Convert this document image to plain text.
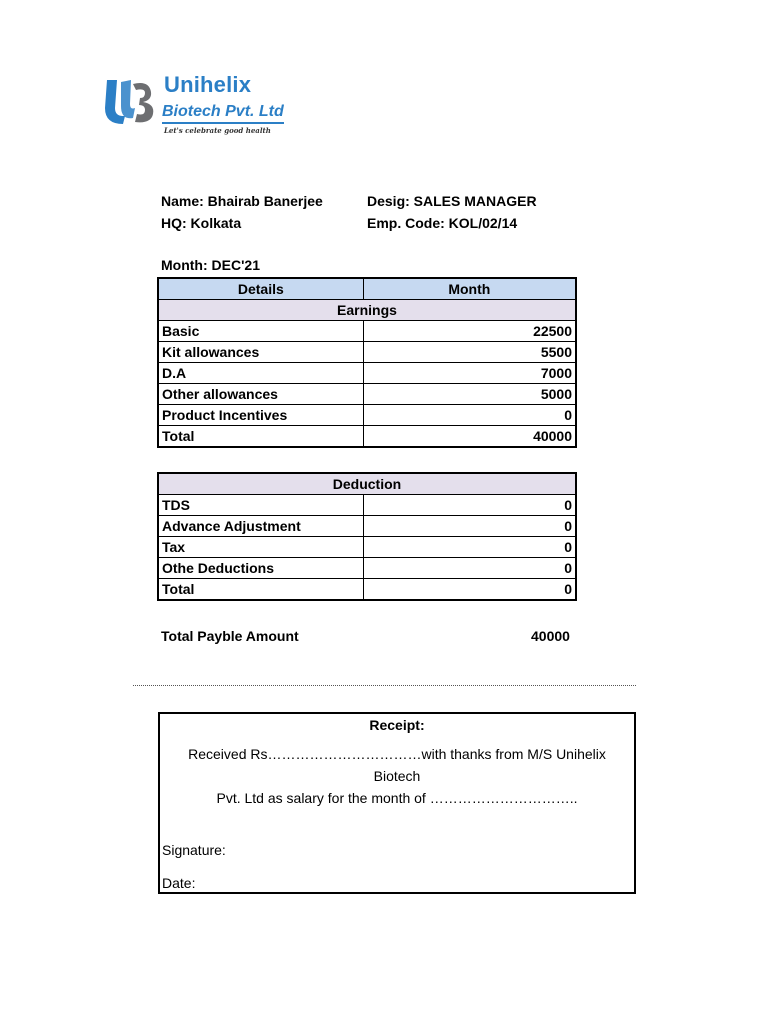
Unihelix
Biotech Pvt. Ltd
Let's celebrate good health
Name: Bhairab Banerjee	Desig: SALES MANAGER
HQ: Kolkata	Emp. Code: KOL/02/14
Month: DEC'21
Details	Month
Earnings	
Basic	22500
Kit allowances	5500
D.A	7000
Other allowances	5000
Product Incentives	0
Total	40000
Deduction	
TDS	0
Advance Adjustment	0
Tax	0
Othe Deductions	0
Total	0
Total Payble Amount	40000
Receipt:
Received Rs……………………………with thanks from M/S Unihelix Biotech
Pvt. Ltd as salary for the month of …………………………..
Signature:
Date:
